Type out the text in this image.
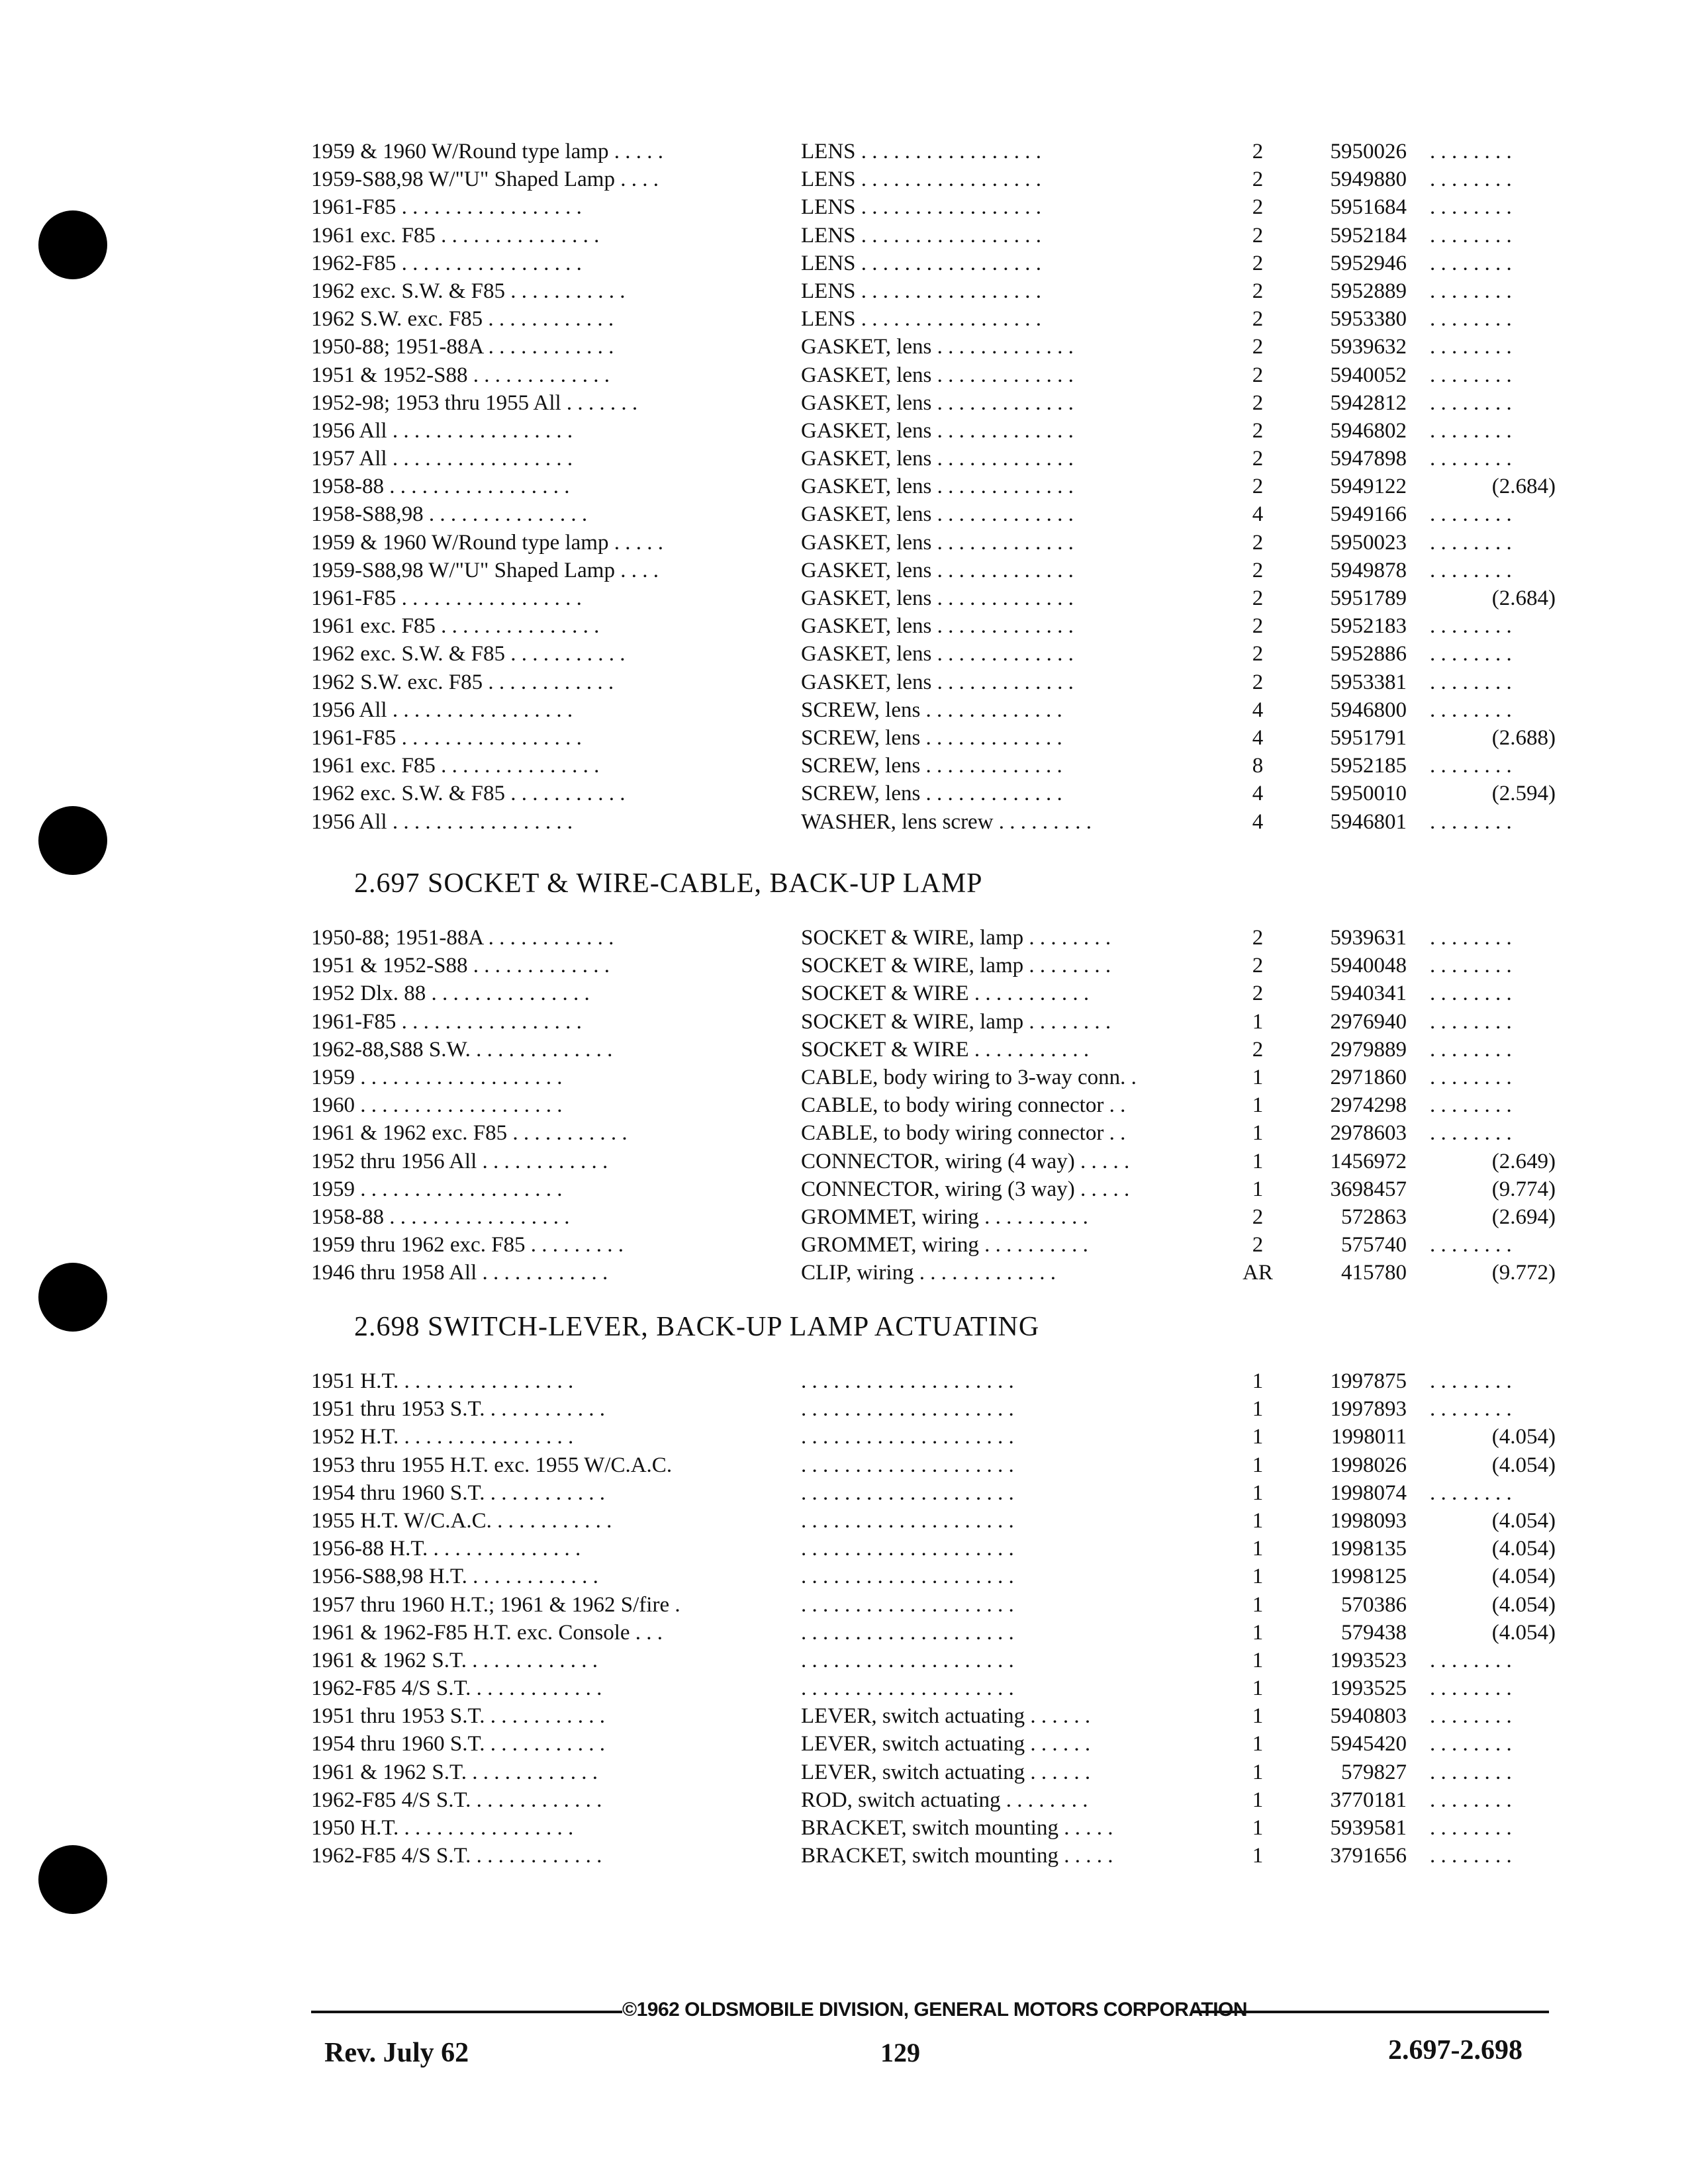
1959 & 1960 W/Round type lamp . . . . .	LENS . . . . . . . . . . . . . . . . .	2	5950026 . . . . . . . .
1959-S88,98 W/"U" Shaped Lamp . . . .	LENS . . . . . . . . . . . . . . . . .	2	5949880 . . . . . . . .
1961-F85 . . . . . . . . . . . . . . . . .	LENS . . . . . . . . . . . . . . . . .	2	5951684 . . . . . . . .
1961 exc. F85 . . . . . . . . . . . . . . .	LENS . . . . . . . . . . . . . . . . .	2	5952184 . . . . . . . .
1962-F85 . . . . . . . . . . . . . . . . .	LENS . . . . . . . . . . . . . . . . .	2	5952946 . . . . . . . .
1962 exc. S.W. & F85 . . . . . . . . . . .	LENS . . . . . . . . . . . . . . . . .	2	5952889 . . . . . . . .
1962 S.W. exc. F85 . . . . . . . . . . . .	LENS . . . . . . . . . . . . . . . . .	2	5953380 . . . . . . . .
1950-88; 1951-88A . . . . . . . . . . . .	GASKET, lens . . . . . . . . . . . . .	2	5939632 . . . . . . . .
1951 & 1952-S88 . . . . . . . . . . . . .	GASKET, lens . . . . . . . . . . . . .	2	5940052 . . . . . . . .
1952-98; 1953 thru 1955 All . . . . . . .	GASKET, lens . . . . . . . . . . . . .	2	5942812 . . . . . . . .
1956 All . . . . . . . . . . . . . . . . .	GASKET, lens . . . . . . . . . . . . .	2	5946802 . . . . . . . .
1957 All . . . . . . . . . . . . . . . . .	GASKET, lens . . . . . . . . . . . . .	2	5947898 . . . . . . . .
1958-88 . . . . . . . . . . . . . . . . .	GASKET, lens . . . . . . . . . . . . .	2	5949122	(2.684)
1958-S88,98 . . . . . . . . . . . . . . .	GASKET, lens . . . . . . . . . . . . .	4	5949166 . . . . . . . .
1959 & 1960 W/Round type lamp . . . . .	GASKET, lens . . . . . . . . . . . . .	2	5950023 . . . . . . . .
1959-S88,98 W/"U" Shaped Lamp . . . .	GASKET, lens . . . . . . . . . . . . .	2	5949878 . . . . . . . .
1961-F85 . . . . . . . . . . . . . . . . .	GASKET, lens . . . . . . . . . . . . .	2	5951789	(2.684)
1961 exc. F85 . . . . . . . . . . . . . . .	GASKET, lens . . . . . . . . . . . . .	2	5952183 . . . . . . . .
1962 exc. S.W. & F85 . . . . . . . . . . .	GASKET, lens . . . . . . . . . . . . .	2	5952886 . . . . . . . .
1962 S.W. exc. F85 . . . . . . . . . . . .	GASKET, lens . . . . . . . . . . . . .	2	5953381 . . . . . . . .
1956 All . . . . . . . . . . . . . . . . .	SCREW, lens . . . . . . . . . . . . .	4	5946800 . . . . . . . .
1961-F85 . . . . . . . . . . . . . . . . .	SCREW, lens . . . . . . . . . . . . .	4	5951791	(2.688)
1961 exc. F85 . . . . . . . . . . . . . . .	SCREW, lens . . . . . . . . . . . . .	8	5952185 . . . . . . . .
1962 exc. S.W. & F85 . . . . . . . . . . .	SCREW, lens . . . . . . . . . . . . .	4	5950010	(2.594)
1956 All . . . . . . . . . . . . . . . . .	WASHER, lens screw . . . . . . . . .	4	5946801 . . . . . . . .
2.697 SOCKET & WIRE-CABLE, BACK-UP LAMP
1950-88; 1951-88A . . . . . . . . . . . .	SOCKET & WIRE, lamp . . . . . . . .	2	5939631 . . . . . . . .
1951 & 1952-S88 . . . . . . . . . . . . .	SOCKET & WIRE, lamp . . . . . . . .	2	5940048 . . . . . . . .
1952 Dlx. 88 . . . . . . . . . . . . . . .	SOCKET & WIRE . . . . . . . . . . .	2	5940341 . . . . . . . .
1961-F85 . . . . . . . . . . . . . . . . .	SOCKET & WIRE, lamp . . . . . . . .	1	2976940 . . . . . . . .
1962-88,S88 S.W. . . . . . . . . . . . . .	SOCKET & WIRE . . . . . . . . . . .	2	2979889 . . . . . . . .
1959 . . . . . . . . . . . . . . . . . . .	CABLE, body wiring to 3-way conn. .	1	2971860 . . . . . . . .
1960 . . . . . . . . . . . . . . . . . . .	CABLE, to body wiring connector . .	1	2974298 . . . . . . . .
1961 & 1962 exc. F85 . . . . . . . . . . .	CABLE, to body wiring connector . .	1	2978603 . . . . . . . .
1952 thru 1956 All . . . . . . . . . . . .	CONNECTOR, wiring (4 way) . . . . .	1	1456972	(2.649)
1959 . . . . . . . . . . . . . . . . . . .	CONNECTOR, wiring (3 way) . . . . .	1	3698457	(9.774)
1958-88 . . . . . . . . . . . . . . . . .	GROMMET, wiring . . . . . . . . . .	2	572863	(2.694)
1959 thru 1962 exc. F85 . . . . . . . . .	GROMMET, wiring . . . . . . . . . .	2	575740 . . . . . . . .
1946 thru 1958 All . . . . . . . . . . . .	CLIP, wiring . . . . . . . . . . . . .	AR	415780	(9.772)
2.698 SWITCH-LEVER, BACK-UP LAMP ACTUATING
1951 H.T. . . . . . . . . . . . . . . . .	. . . . . . . . . . . . . . . . . . . .	1	1997875 . . . . . . . .
1951 thru 1953 S.T. . . . . . . . . . . .	. . . . . . . . . . . . . . . . . . . .	1	1997893 . . . . . . . .
1952 H.T. . . . . . . . . . . . . . . . .	. . . . . . . . . . . . . . . . . . . .	1	1998011	(4.054)
1953 thru 1955 H.T. exc. 1955 W/C.A.C.	. . . . . . . . . . . . . . . . . . . .	1	1998026	(4.054)
1954 thru 1960 S.T. . . . . . . . . . . .	. . . . . . . . . . . . . . . . . . . .	1	1998074 . . . . . . . .
1955 H.T. W/C.A.C. . . . . . . . . . . .	. . . . . . . . . . . . . . . . . . . .	1	1998093	(4.054)
1956-88 H.T. . . . . . . . . . . . . . .	. . . . . . . . . . . . . . . . . . . .	1	1998135	(4.054)
1956-S88,98 H.T. . . . . . . . . . . . .	. . . . . . . . . . . . . . . . . . . .	1	1998125	(4.054)
1957 thru 1960 H.T.; 1961 & 1962 S/fire .	. . . . . . . . . . . . . . . . . . . .	1	570386	(4.054)
1961 & 1962-F85 H.T. exc. Console . . .	. . . . . . . . . . . . . . . . . . . .	1	579438	(4.054)
1961 & 1962 S.T. . . . . . . . . . . . .	. . . . . . . . . . . . . . . . . . . .	1	1993523 . . . . . . . .
1962-F85 4/S S.T. . . . . . . . . . . . .	. . . . . . . . . . . . . . . . . . . .	1	1993525 . . . . . . . .
1951 thru 1953 S.T. . . . . . . . . . . .	LEVER, switch actuating . . . . . .	1	5940803 . . . . . . . .
1954 thru 1960 S.T. . . . . . . . . . . .	LEVER, switch actuating . . . . . .	1	5945420 . . . . . . . .
1961 & 1962 S.T. . . . . . . . . . . . .	LEVER, switch actuating . . . . . .	1	579827 . . . . . . . .
1962-F85 4/S S.T. . . . . . . . . . . . .	ROD, switch actuating . . . . . . . .	1	3770181 . . . . . . . .
1950 H.T. . . . . . . . . . . . . . . . .	BRACKET, switch mounting . . . . .	1	5939581 . . . . . . . .
1962-F85 4/S S.T. . . . . . . . . . . . .	BRACKET, switch mounting . . . . .	1	3791656 . . . . . . . .
©1962 OLDSMOBILE DIVISION, GENERAL MOTORS CORPORATION
Rev. July 62	129	2.697-2.698
